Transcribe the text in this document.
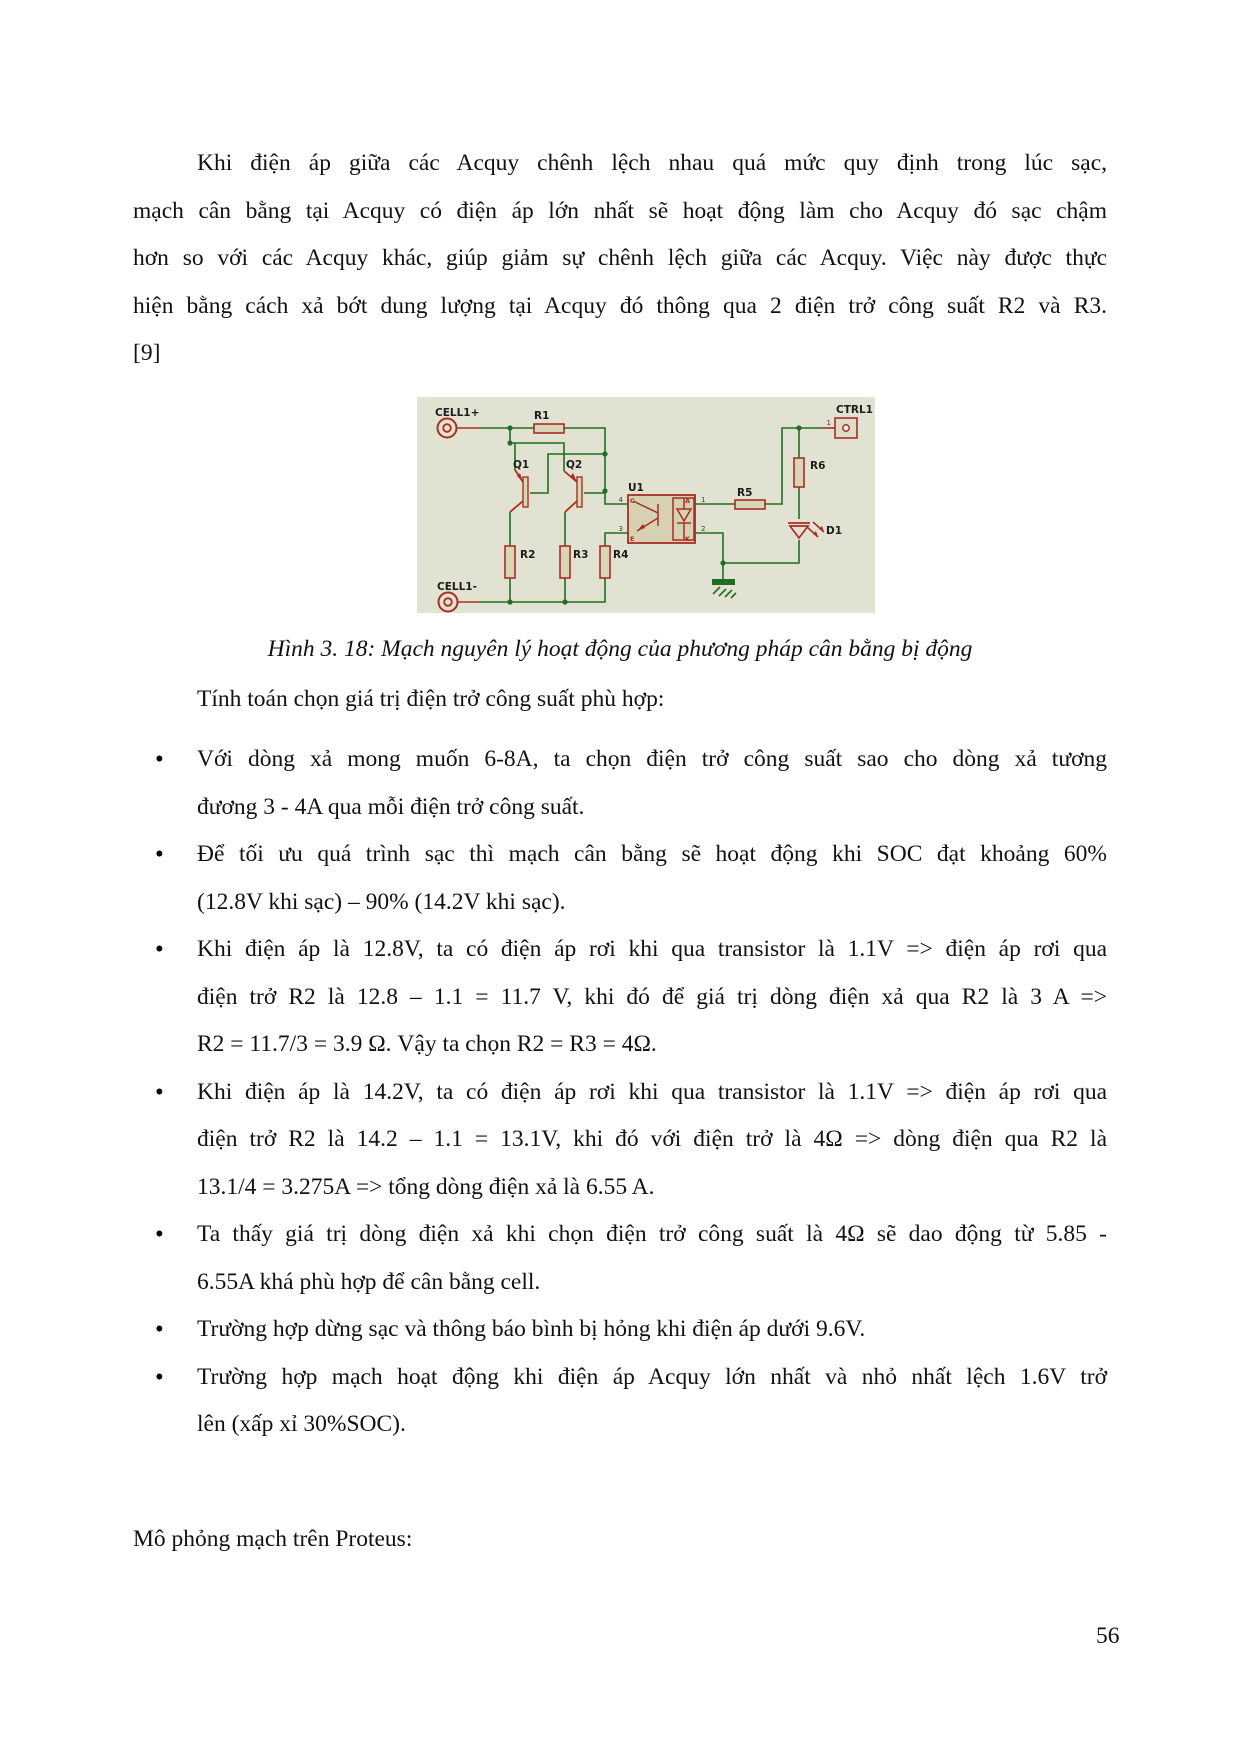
Khi điện áp giữa các Acquy chênh lệch nhau quá mức quy định trong lúc sạc,
mạch cân bằng tại Acquy có điện áp lớn nhất sẽ hoạt động làm cho Acquy đó sạc chậm
hơn so với các Acquy khác, giúp giảm sự chênh lệch giữa các Acquy. Việc này được thực
hiện bằng cách xả bớt dung lượng tại Acquy đó thông qua 2 điện trở công suất R2 và R3.
[9]
C
E
A
K
CELL1+
CELL1-
CTRL1
R1
R2	R3 R4
R5
R6
Q1	Q2
U1
D1
4
3
1
2
1
Hình 3. 18: Mạch nguyên lý hoạt động của phương pháp cân bằng bị động
Tính toán chọn giá trị điện trở công suất phù hợp:
•	Với dòng xả mong muốn 6-8A, ta chọn điện trở công suất sao cho dòng xả tương
đương 3 - 4A qua mỗi điện trở công suất.
•	Để tối ưu quá trình sạc thì mạch cân bằng sẽ hoạt động khi SOC đạt khoảng 60%
(12.8V khi sạc) – 90% (14.2V khi sạc).
•	Khi điện áp là 12.8V, ta có điện áp rơi khi qua transistor là 1.1V => điện áp rơi qua
điện trở R2 là 12.8 – 1.1 = 11.7 V, khi đó để giá trị dòng điện xả qua R2 là 3 A =>
R2 = 11.7/3 = 3.9 Ω. Vậy ta chọn R2 = R3 = 4Ω.
•	Khi điện áp là 14.2V, ta có điện áp rơi khi qua transistor là 1.1V => điện áp rơi qua
điện trở R2 là 14.2 – 1.1 = 13.1V, khi đó với điện trở là 4Ω => dòng điện qua R2 là
13.1/4 = 3.275A => tổng dòng điện xả là 6.55 A.
•	Ta thấy giá trị dòng điện xả khi chọn điện trở công suất là 4Ω sẽ dao động từ 5.85 -
6.55A khá phù hợp để cân bằng cell.
•	Trường hợp dừng sạc và thông báo bình bị hỏng khi điện áp dưới 9.6V.
•	Trường hợp mạch hoạt động khi điện áp Acquy lớn nhất và nhỏ nhất lệch 1.6V trở
lên (xấp xỉ 30%SOC).
Mô phỏng mạch trên Proteus:
56
